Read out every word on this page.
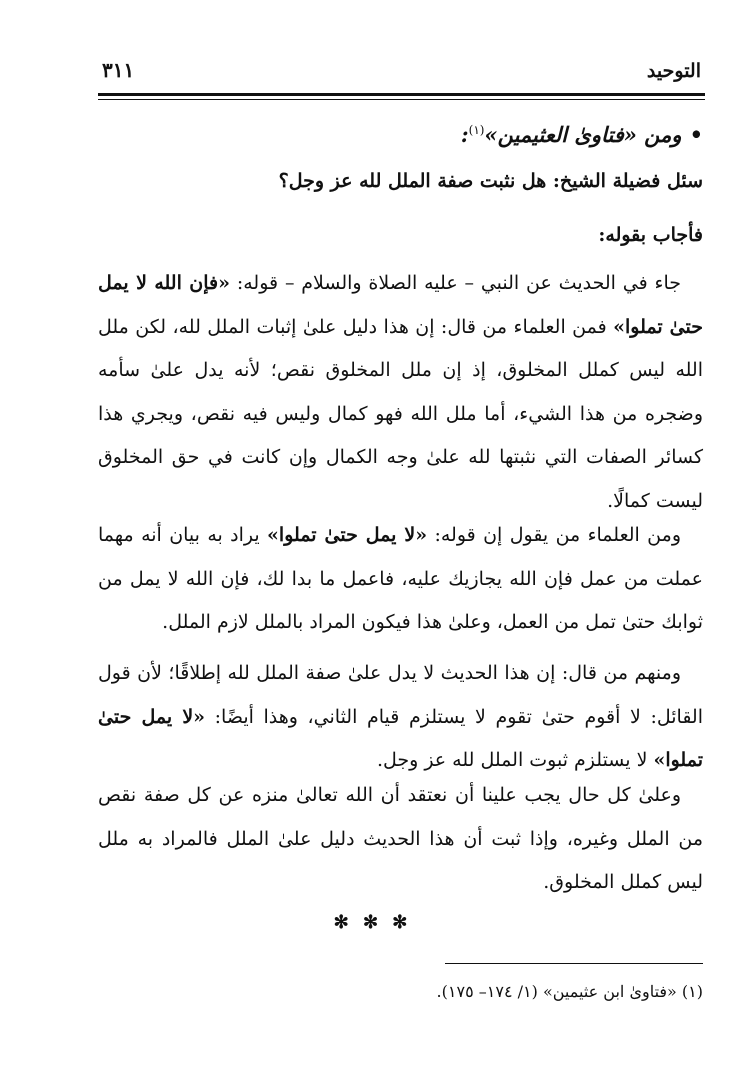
التوحيد
٣١١
•ومن «فتاوىٰ العثيمين»$^{(١)}$:
سئل فضيلة الشيخ: هل نثبت صفة الملل لله عز وجل؟
فأجاب بقوله:

جاء في الحديث عن النبي – عليه الصلاة والسلام – قوله: «فإن الله لا يمل حتىٰ تملوا» فمن العلماء من قال: إن هذا دليل علىٰ إثبات الملل لله، لكن ملل الله ليس كملل المخلوق، إذ إن ملل المخلوق نقص؛ لأنه يدل علىٰ سأمه وضجره من هذا الشيء، أما ملل الله فهو كمال وليس فيه نقص، ويجري هذا كسائر الصفات التي نثبتها لله علىٰ وجه الكمال وإن كانت في حق المخلوق ليست كمالًا.

ومن العلماء من يقول إن قوله: «لا يمل حتىٰ تملوا» يراد به بيان أنه مهما عملت من عمل فإن الله يجازيك عليه، فاعمل ما بدا لك، فإن الله لا يمل من ثوابك حتىٰ تمل من العمل، وعلىٰ هذا فيكون المراد بالملل لازم الملل.

ومنهم من قال: إن هذا الحديث لا يدل علىٰ صفة الملل لله إطلاقًا؛ لأن قول القائل: لا أقوم حتىٰ تقوم لا يستلزم قيام الثاني، وهذا أيضًا: «لا يمل حتىٰ تملوا» لا يستلزم ثبوت الملل لله عز وجل.

وعلىٰ كل حال يجب علينا أن نعتقد أن الله تعالىٰ منزه عن كل صفة نقص من الملل وغيره، وإذا ثبت أن هذا الحديث دليل علىٰ الملل فالمراد به ملل ليس كملل المخلوق.

✻ ✻ ✻
(١) «فتاوىٰ ابن عثيمين» (١/ ١٧٤– ١٧٥).
